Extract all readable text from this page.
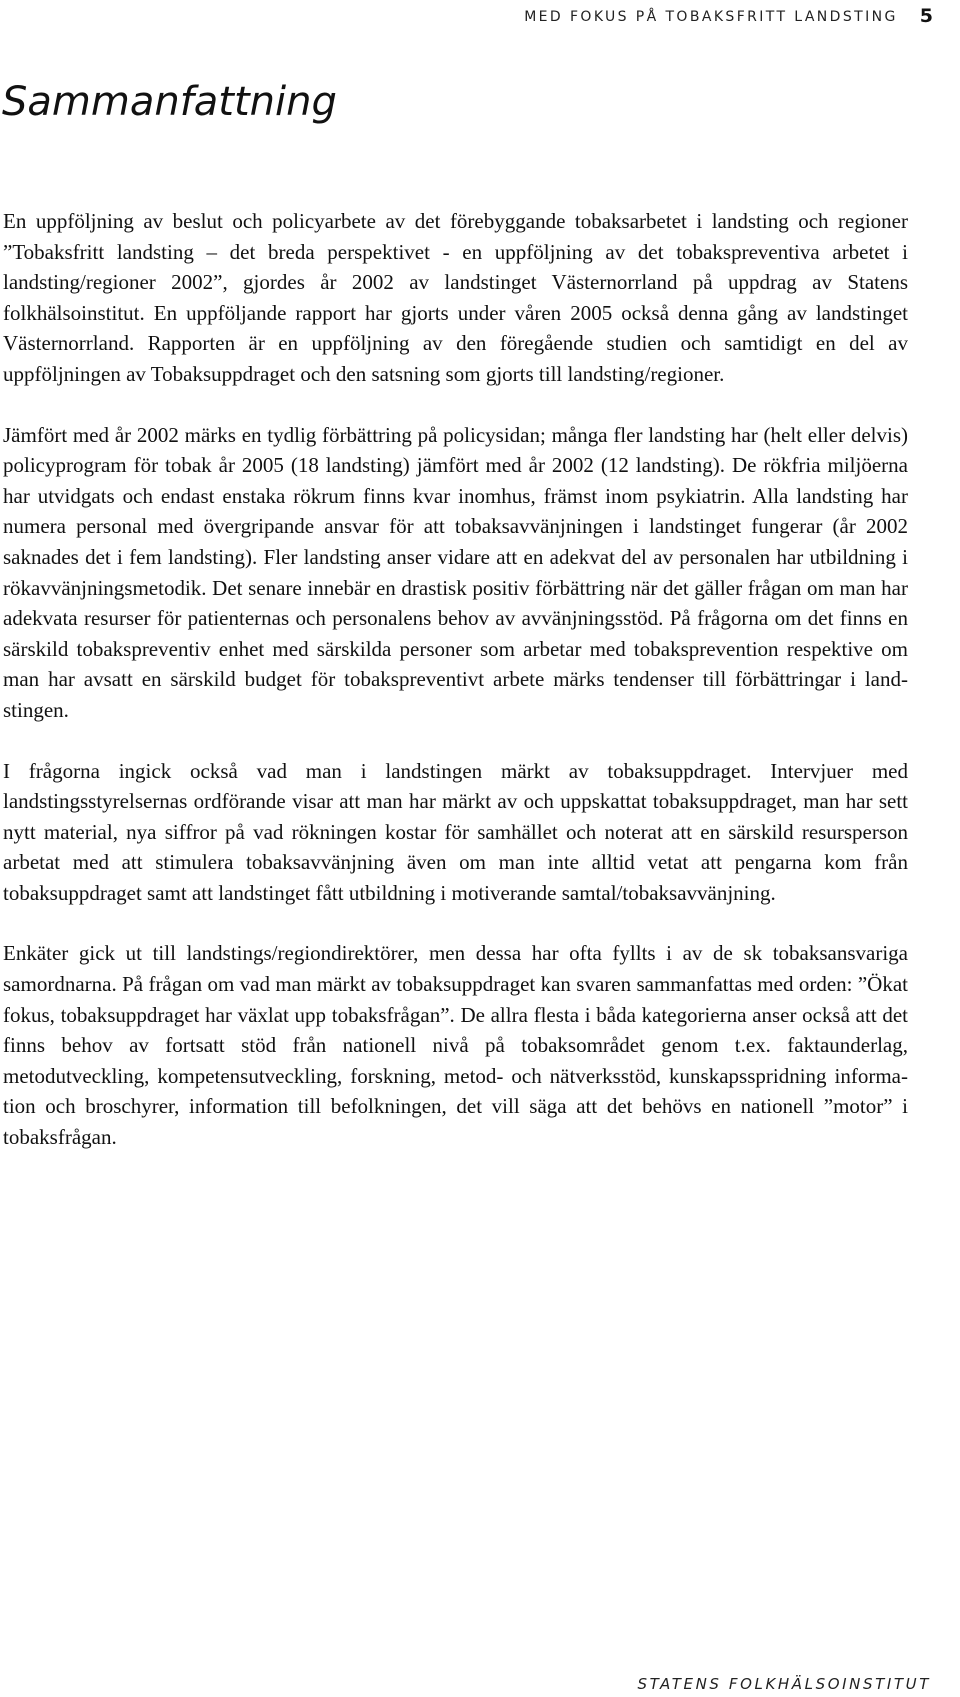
MED FOKUS PÅ TOBAKSFRITT LANDSTING 5
Sammanfattning

En uppföljning av beslut och policyarbete av det förebyggande tobaksarbetet i landsting och regioner ”Tobaksfritt landsting – det breda perspektivet - en uppföljning av det tobakspreventiva arbetet i landsting/regioner 2002”, gjordes år 2002 av landstinget Västernorrland på uppdrag av Statens folkhälsoinstitut. En uppföljande rapport har gjorts under våren 2005 också denna gång av landstinget Västernorrland. Rapporten är en uppföljning av den föregående studien och samtidigt en del av uppföljningen av Tobaksuppdraget och den satsning som gjorts till landsting/regioner.

Jämfört med år 2002 märks en tydlig förbättring på policysidan; många fler landsting har (helt eller delvis) policyprogram för tobak år 2005 (18 landsting) jämfört med år 2002 (12 landsting). De rökfria miljöerna har utvidgats och endast enstaka rökrum finns kvar inomhus, främst inom psykiatrin. Alla landsting har numera personal med övergripande ansvar för att tobaksavvänjningen i landstinget fungerar (år 2002 saknades det i fem landsting). Fler landsting anser vidare att en adekvat del av personalen har utbildning i rökavvänjningsmetodik. Det senare innebär en drastisk positiv förbättring när det gäller frågan om man har adekvata resurser för patienternas och personalens behov av avvänjningsstöd. På frågorna om det finns en särskild tobakspreventiv enhet med särskilda personer som arbetar med tobaksprevention respektive om man har avsatt en särskild budget för tobakspreventivt arbete märks tendenser till förbättringar i landstingen.

I frågorna ingick också vad man i landstingen märkt av tobaksuppdraget. Intervjuer med landstingsstyrelsernas ordförande visar att man har märkt av och uppskattat tobaksuppdraget, man har sett nytt material, nya siffror på vad rökningen kostar för samhället och noterat att en särskild resursperson arbetat med att stimulera tobaksavvänjning även om man inte alltid vetat att pengarna kom från tobaksuppdraget samt att landstinget fått utbildning i motiverande samtal/tobaksavvänjning.

Enkäter gick ut till landstings/regiondirektörer, men dessa har ofta fyllts i av de sk tobaksansvariga samordnarna. På frågan om vad man märkt av tobaksuppdraget kan svaren sammanfattas med orden: ”Ökat fokus, tobaksuppdraget har växlat upp tobaksfrågan”. De allra flesta i båda kategorierna anser också att det finns behov av fortsatt stöd från nationell nivå på tobaksområdet genom t.ex. faktaunderlag, metodutveckling, kompetensutveckling, forskning, metod- och nätverksstöd, kunskapsspridning information och broschyrer, information till befolkningen, det vill säga att det behövs en nationell ”motor” i tobaksfrågan.

STATENS FOLKHÄLSOINSTITUT
